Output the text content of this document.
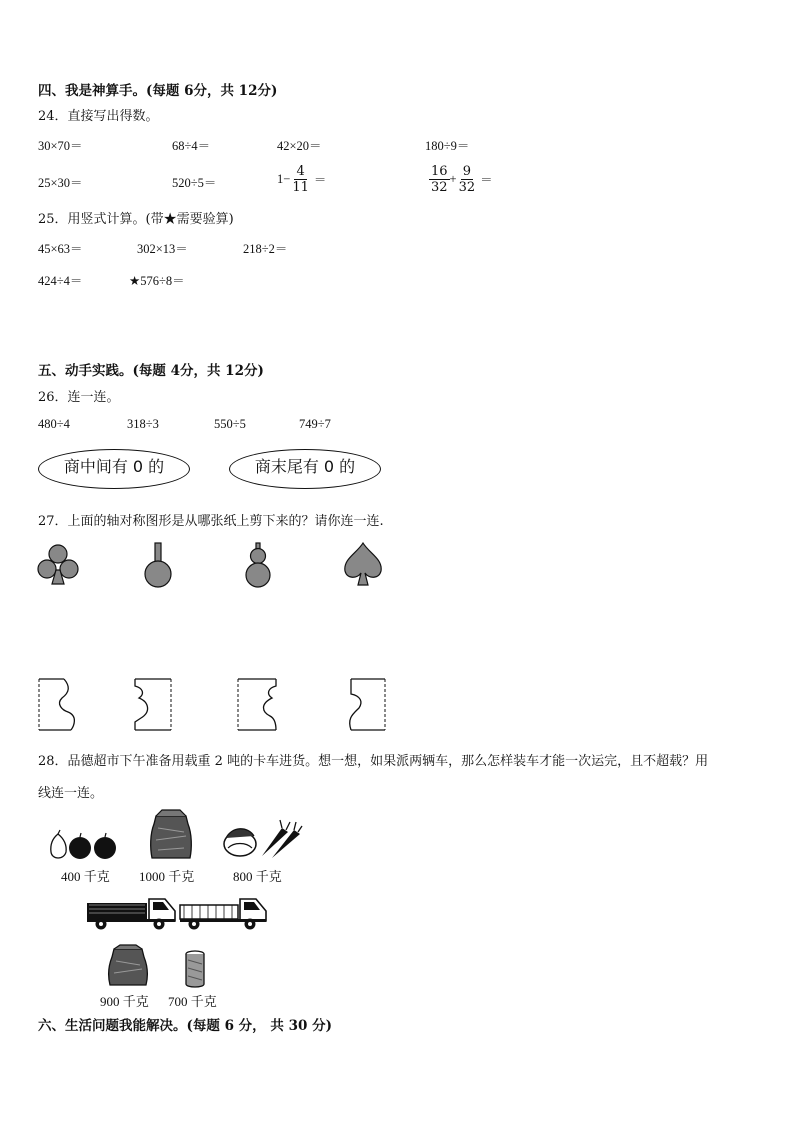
四、我是神算手。(每题 6分，共 12分)
24．直接写出得数。
30×70＝	68÷4＝	42×20＝	180÷9＝
25×30＝	520÷5＝	$1- \frac{4}{11}$ ＝	$\frac{16}{32} + \frac{9}{32}$ ＝
25．用竖式计算。(带★需要验算)
45×63＝	302×13＝	218÷2＝
424÷4＝	★576÷8＝
五、动手实践。(每题 4分，共 12分)
26．连一连。
480÷4	318÷3	550÷5	749÷7
商中间有 0 的	商末尾有 0 的
27．上面的轴对称图形是从哪张纸上剪下来的？请你连一连.
28．品德超市下午准备用载重 2 吨的卡车进货。想一想，如果派两辆车，那么怎样装车才能一次运完，且不超载？用
线连一连。
400 千克 1000 千克	800 千克
900 千克 700 千克
六、生活问题我能解决。(每题 6 分， 共 30 分)
